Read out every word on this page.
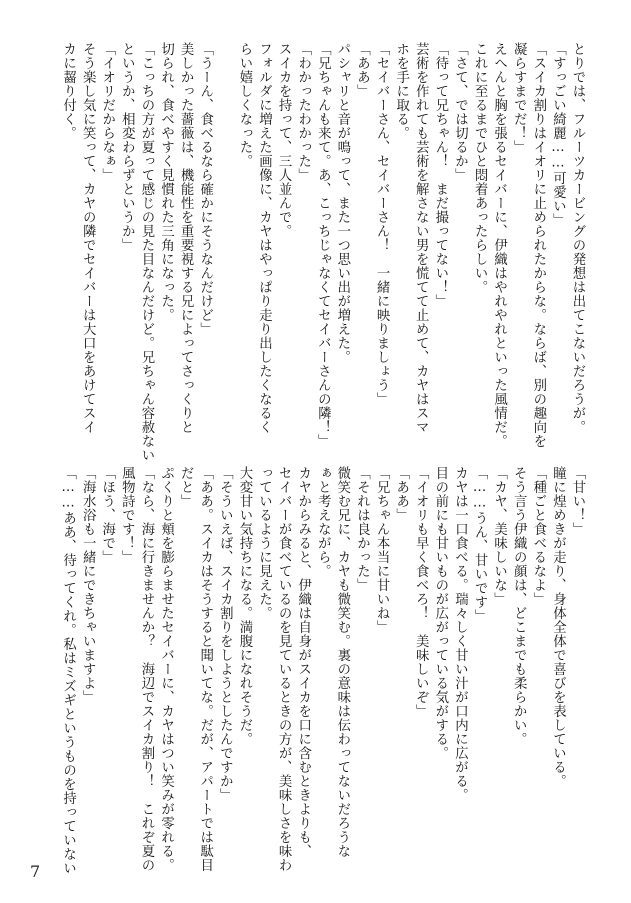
とりでは、フルーツカービングの発想は出てこないだろうが。
「すっごい綺麗……可愛い」
「スイカ割りはイオリに止められたからな。ならば、別の趣向を
凝らすまでだ！」
えへんと胸を張るセイバーに、伊織はやれやれといった風情だ。
これに至るまでひと悶着あったらしい。
「さて、では切るか」
「待って兄ちゃん！　まだ撮ってない！」
芸術を作れても芸術を解さない男を慌てて止めて、カヤはスマ
ホを手に取る。
「セイバーさん、セイバーさん！　一緒に映りましょう」
「ああ」
パシャリと音が鳴って、また一つ思い出が増えた。
「兄ちゃんも来て。あ、こっちじゃなくてセイバーさんの隣！」
「わかったわかった」
スイカを持って、三人並んで。
フォルダに増えた画像に、カヤはやっぱり走り出したくなるく
らい嬉しくなった。

「うーん、食べるなら確かにそうなんだけど」
美しかった薔薇は、機能性を重要視する兄によってさっくりと
切られ、食べやすく見慣れた三角になった。
「こっちの方が夏って感じの見た目なんだけど。兄ちゃん容赦ない
というか、相変わらずというか」
「イオリだからなぁ」
そう楽し気に笑って、カヤの隣でセイバーは大口をあけてスイ
カに齧り付く。
「甘い！」
瞳に煌めきが走り、身体全体で喜びを表している。
「種ごと食べるなよ」
そう言う伊織の顔は、どこまでも柔らかい。
「カヤ、美味しいな」
「……うん、甘いです」
カヤは一口食べる。瑞々しく甘い汁が口内に広がる。
目の前にも甘いものが広がっている気がする。
「イオリも早く食べろ！　美味しいぞ」
「ああ」
「兄ちゃん本当に甘いね」
「それは良かった」
微笑む兄に、カヤも微笑む。裏の意味は伝わってないだろうな
ぁと考えながら。
カヤからみると、伊織は自身がスイカを口に含むときよりも、
セイバーが食べているのを見ているときの方が、美味しさを味わ
っているように見えた。
大変甘い気持ちになる。満腹になれそうだ。
「そういえば、スイカ割りをしようとしたんですか」
「ああ。スイカはそうすると聞いてな。だが、アパートでは駄目
だと」
ぷくりと頬を膨らませたセイバーに、カヤはつい笑みが零れる。
「なら、海に行きませんか？　海辺でスイカ割り！　これぞ夏の
風物詩です！」
「ほう、海で」
「海水浴も一緒にできちゃいますよ」
「……ああ、待ってくれ。私はミズギというものを持っていない
7
